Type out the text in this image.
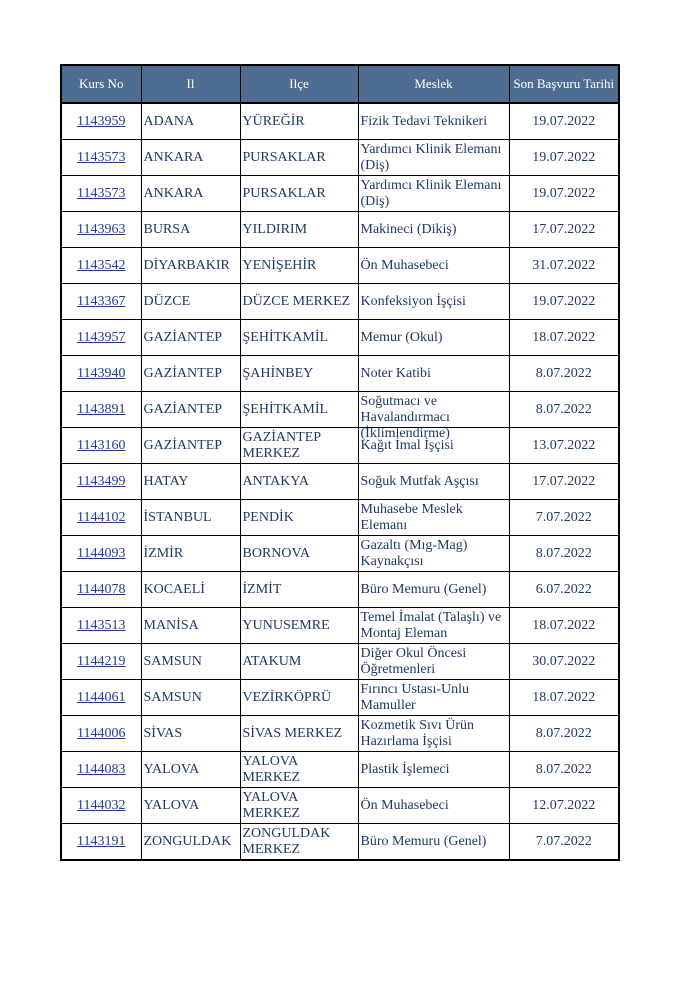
Kurs No	Il	Ilçe	Meslek	Son Başvuru Tarihi
1143959	ADANA	YÜREĞİR	Fizik Tedavi Teknikeri	19.07.2022

1143573	ANKARA	PURSAKLAR	Yardımcı Klinik Elemanı (Diş)	19.07.2022

1143573	ANKARA	PURSAKLAR	Yardımcı Klinik Elemanı (Diş)	19.07.2022

1143963	BURSA	YILDIRIM	Makineci (Dikiş)	17.07.2022

1143542	DİYARBAKIR	YENİŞEHİR	Ön Muhasebeci	31.07.2022

1143367	DÜZCE	DÜZCE MERKEZ	Konfeksiyon İşçisi	19.07.2022

1143957	GAZİANTEP	ŞEHİTKAMİL	Memur (Okul)	18.07.2022

1143940	GAZİANTEP	ŞAHİNBEY	Noter Katibi	8.07.2022

1143891	GAZİANTEP	ŞEHİTKAMİL	Soğutmacı ve Havalandırmacı (İklimlendirme)	8.07.2022

1143160	GAZİANTEP	GAZİANTEP MERKEZ	Kağıt İmal İşçisi	13.07.2022

1143499	HATAY	ANTAKYA	Soğuk Mutfak Aşçısı	17.07.2022

1144102	İSTANBUL	PENDİK	Muhasebe Meslek Elemanı	7.07.2022

1144093	İZMİR	BORNOVA	Gazaltı (Mıg-Mag) Kaynakçısı	8.07.2022

1144078	KOCAELİ	İZMİT	Büro Memuru (Genel)	6.07.2022

1143513	MANİSA	YUNUSEMRE	Temel İmalat (Talaşlı) ve Montaj Eleman	18.07.2022

1144219	SAMSUN	ATAKUM	Diğer Okul Öncesi Öğretmenleri	30.07.2022

1144061	SAMSUN	VEZİRKÖPRÜ	Fırıncı Ustası-Unlu Mamuller	18.07.2022

1144006	SİVAS	SİVAS MERKEZ	Kozmetik Sıvı Ürün Hazırlama İşçisi	8.07.2022

1144083	YALOVA	YALOVA MERKEZ	Plastik İşlemeci	8.07.2022

1144032	YALOVA	YALOVA MERKEZ	Ön Muhasebeci	12.07.2022

1143191	ZONGULDAK	ZONGULDAK MERKEZ	Büro Memuru (Genel)	7.07.2022
